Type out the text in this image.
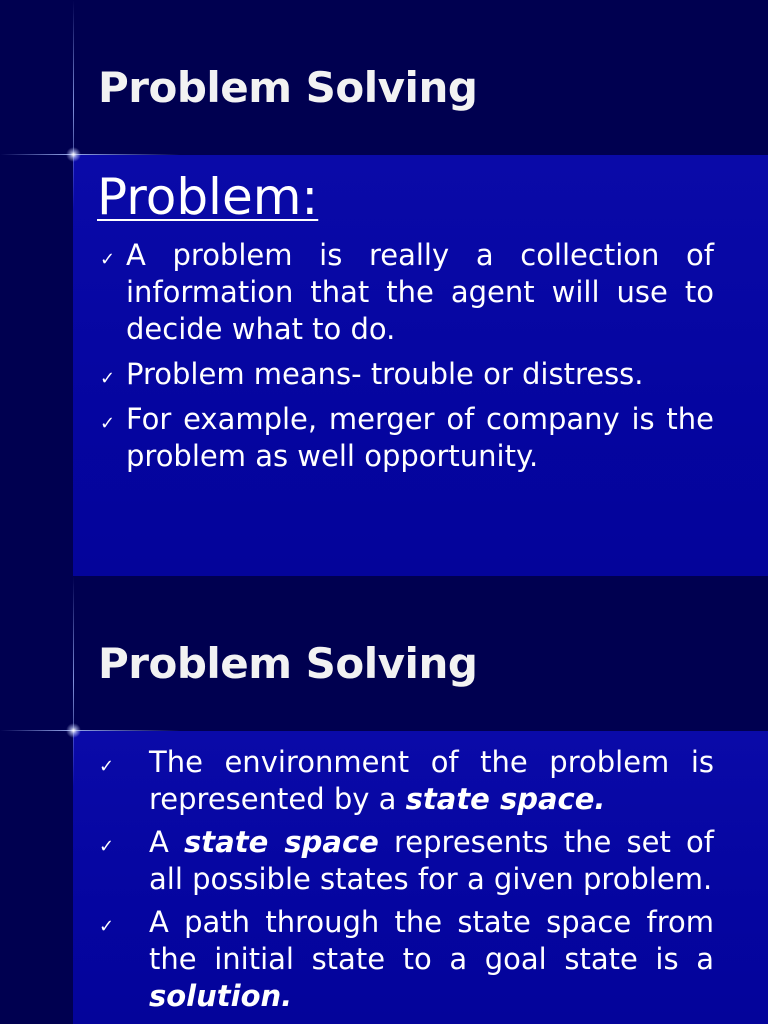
Problem Solving
Problem:
✓ A problem is really a collection of information that the agent will use to decide what to do.
✓ Problem means- trouble or distress.
✓ For example, merger of company is the problem as well opportunity.
Problem Solving
✓ The environment of the problem is represented by a state space.
✓ A state space represents the set of all possible states for a given problem.
✓ A path through the state space from the initial state to a goal state is a solution.
